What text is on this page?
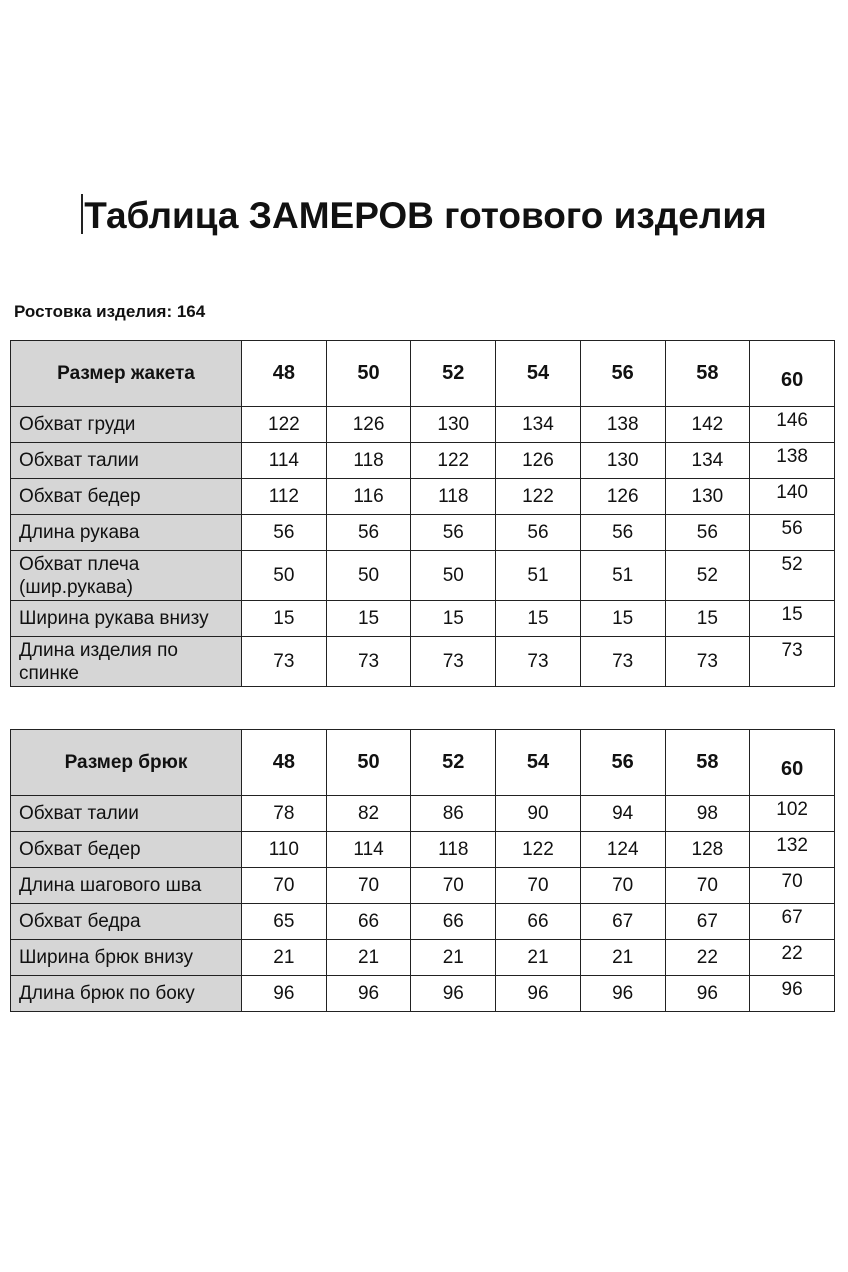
Таблица ЗАМЕРОВ готового изделия
Ростовка изделия: 164
Размер жакета	48	50	52	54	56	58	60
Обхват груди	122	126	130	134	138	142	146
Обхват талии	114	118	122	126	130	134	138
Обхват бедер	112	116	118	122	126	130	140
Длина рукава	56	56	56	56	56	56	56
Обхват плеча (шир.рукава)	50	50	50	51	51	52	52
Ширина рукава внизу	15	15	15	15	15	15	15
Длина изделия по спинке	73	73	73	73	73	73	73
Размер брюк	48	50	52	54	56	58	60
Обхват талии	78	82	86	90	94	98	102
Обхват бедер	110	114	118	122	124	128	132
Длина шагового шва	70	70	70	70	70	70	70
Обхват бедра	65	66	66	66	67	67	67
Ширина брюк внизу	21	21	21	21	21	22	22
Длина брюк по боку	96	96	96	96	96	96	96
